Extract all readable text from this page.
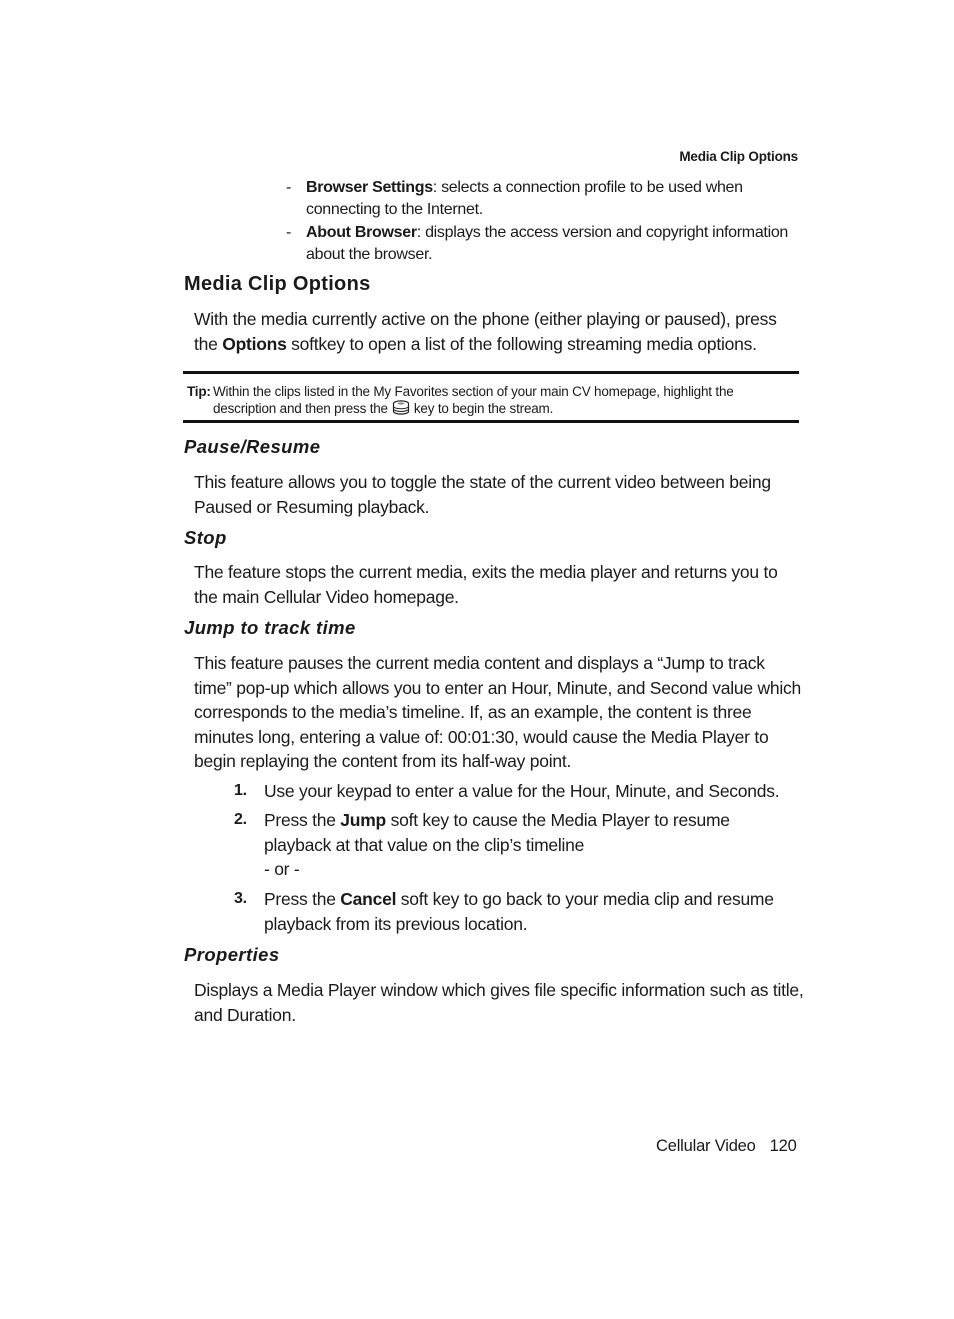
Media Clip Options
- Browser Settings: selects a connection profile to be used when connecting to the Internet.
- About Browser: displays the access version and copyright information about the browser.
Media Clip Options
With the media currently active on the phone (either playing or paused), press the Options softkey to open a list of the following streaming media options.
Tip: Within the clips listed in the My Favorites section of your main CV homepage, highlight the description and then press the key to begin the stream.
Pause/Resume
This feature allows you to toggle the state of the current video between being Paused or Resuming playback.
Stop
The feature stops the current media, exits the media player and returns you to the main Cellular Video homepage.
Jump to track time
This feature pauses the current media content and displays a “Jump to track time” pop-up which allows you to enter an Hour, Minute, and Second value which corresponds to the media’s timeline. If, as an example, the content is three minutes long, entering a value of: 00:01:30, would cause the Media Player to begin replaying the content from its half-way point.
1. Use your keypad to enter a value for the Hour, Minute, and Seconds.
2. Press the Jump soft key to cause the Media Player to resume playback at that value on the clip’s timeline
- or -
3. Press the Cancel soft key to go back to your media clip and resume playback from its previous location.
Properties
Displays a Media Player window which gives file specific information such as title, and Duration.
Cellular Video 120
